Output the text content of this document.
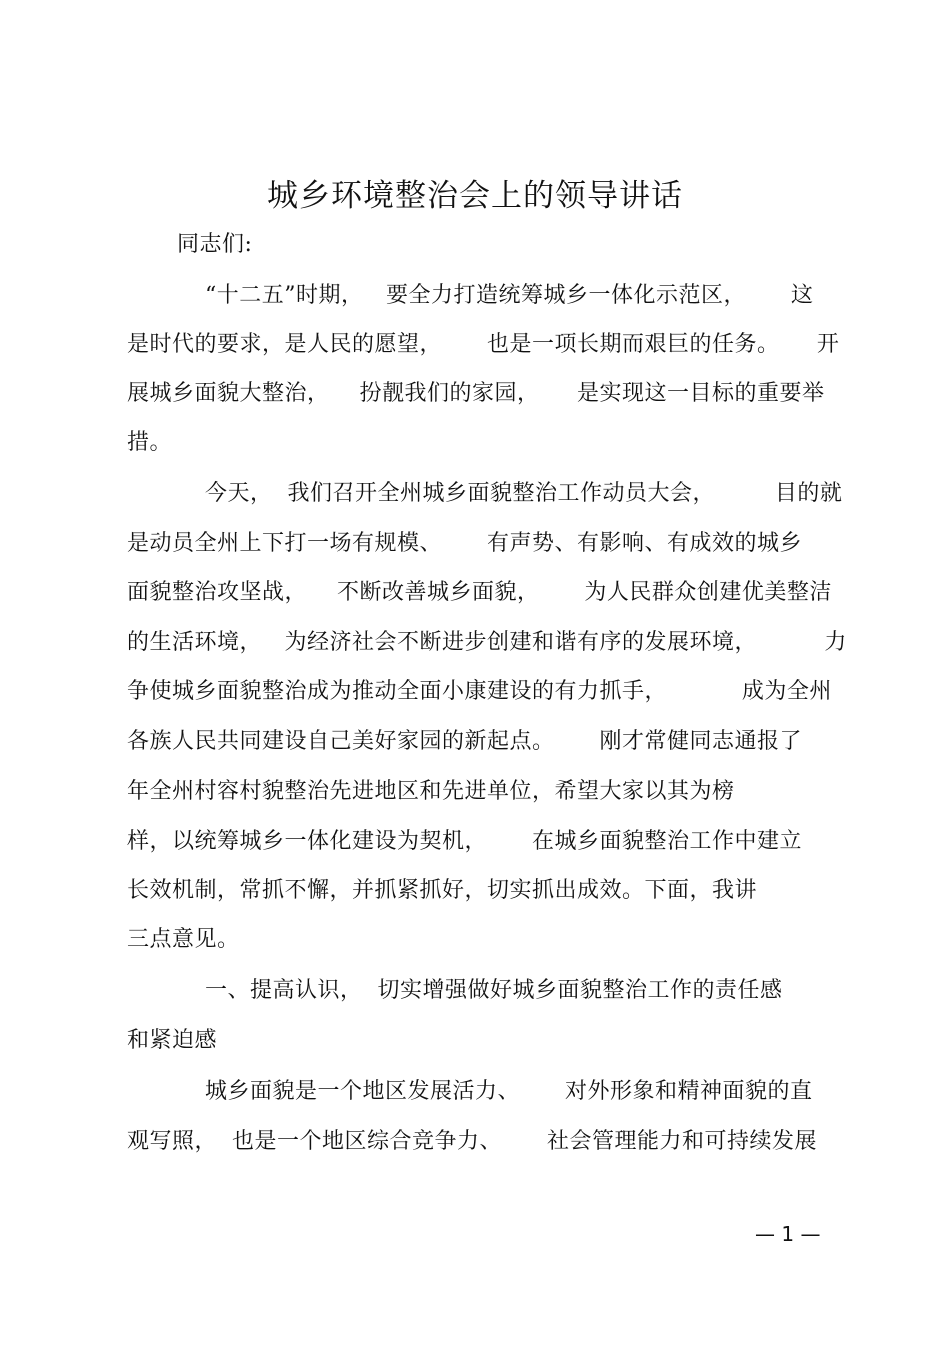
城乡环境整治会上的领导讲话
同志们:
“十二五”时期，   要全力打造统筹城乡一体化示范区，      这
是时代的要求，是人民的愿望，      也是一项长期而艰巨的任务。     开
展城乡面貌大整治，    扮靓我们的家园，     是实现这一目标的重要举
措。
今天，  我们召开全州城乡面貌整治工作动员大会，        目的就
是动员全州上下打一场有规模、      有声势、有影响、有成效的城乡
面貌整治攻坚战，    不断改善城乡面貌，      为人民群众创建优美整洁
的生活环境，   为经济社会不断进步创建和谐有序的发展环境，         力
争使城乡面貌整治成为推动全面小康建设的有力抓手，          成为全州
各族人民共同建设自己美好家园的新起点。      刚才常健同志通报了
年全州村容村貌整治先进地区和先进单位，希望大家以其为榜
样，以统筹城乡一体化建设为契机，      在城乡面貌整治工作中建立
长效机制，常抓不懈，并抓紧抓好，切实抓出成效。下面，我讲
三点意见。
一、提高认识，  切实增强做好城乡面貌整治工作的责任感
和紧迫感
城乡面貌是一个地区发展活力、      对外形象和精神面貌的直
观写照，  也是一个地区综合竞争力、      社会管理能力和可持续发展
— 1 —
